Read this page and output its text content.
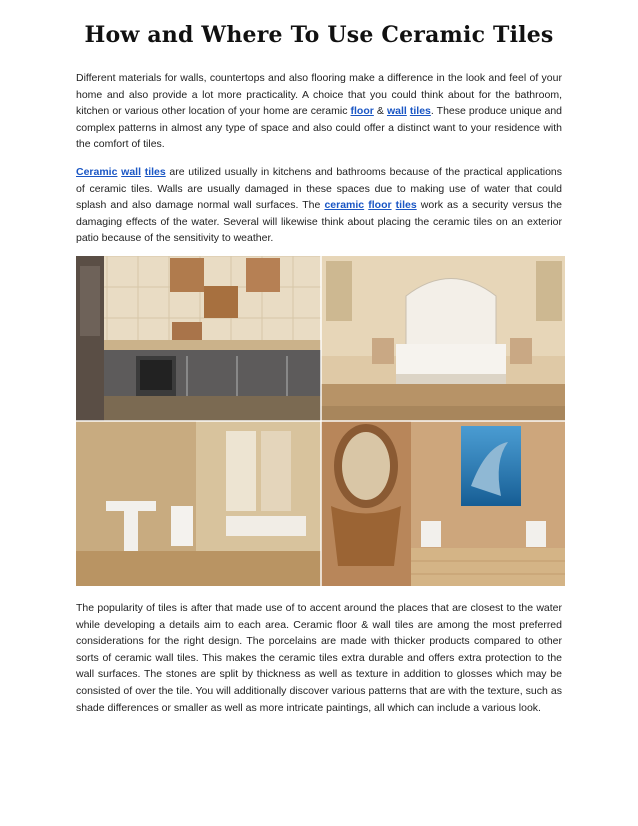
How and Where To Use Ceramic Tiles

Different materials for walls, countertops and also flooring make a difference in the look and feel of your home and also provide a lot more practicality. A choice that you could think about for the bathroom, kitchen or various other location of your home are ceramic floor & wall tiles. These produce unique and complex patterns in almost any type of space and also could offer a distinct want to your residence with the comfort of tiles.

Ceramic wall tiles are utilized usually in kitchens and bathrooms because of the practical applications of ceramic tiles. Walls are usually damaged in these spaces due to making use of water that could splash and also damage normal wall surfaces. The ceramic floor tiles work as a security versus the damaging effects of the water. Several will likewise think about placing the ceramic tiles on an exterior patio because of the sensitivity to weather.

The popularity of tiles is after that made use of to accent around the places that are closest to the water while developing a details aim to each area. Ceramic floor & wall tiles are among the most preferred considerations for the right design. The porcelains are made with thicker products compared to other sorts of ceramic wall tiles. This makes the ceramic tiles extra durable and offers extra protection to the wall surfaces. The stones are split by thickness as well as texture in addition to glosses which may be consisted of over the tile. You will additionally discover various patterns that are with the texture, such as shade differences or smaller as well as more intricate paintings, all which can include a various look.
